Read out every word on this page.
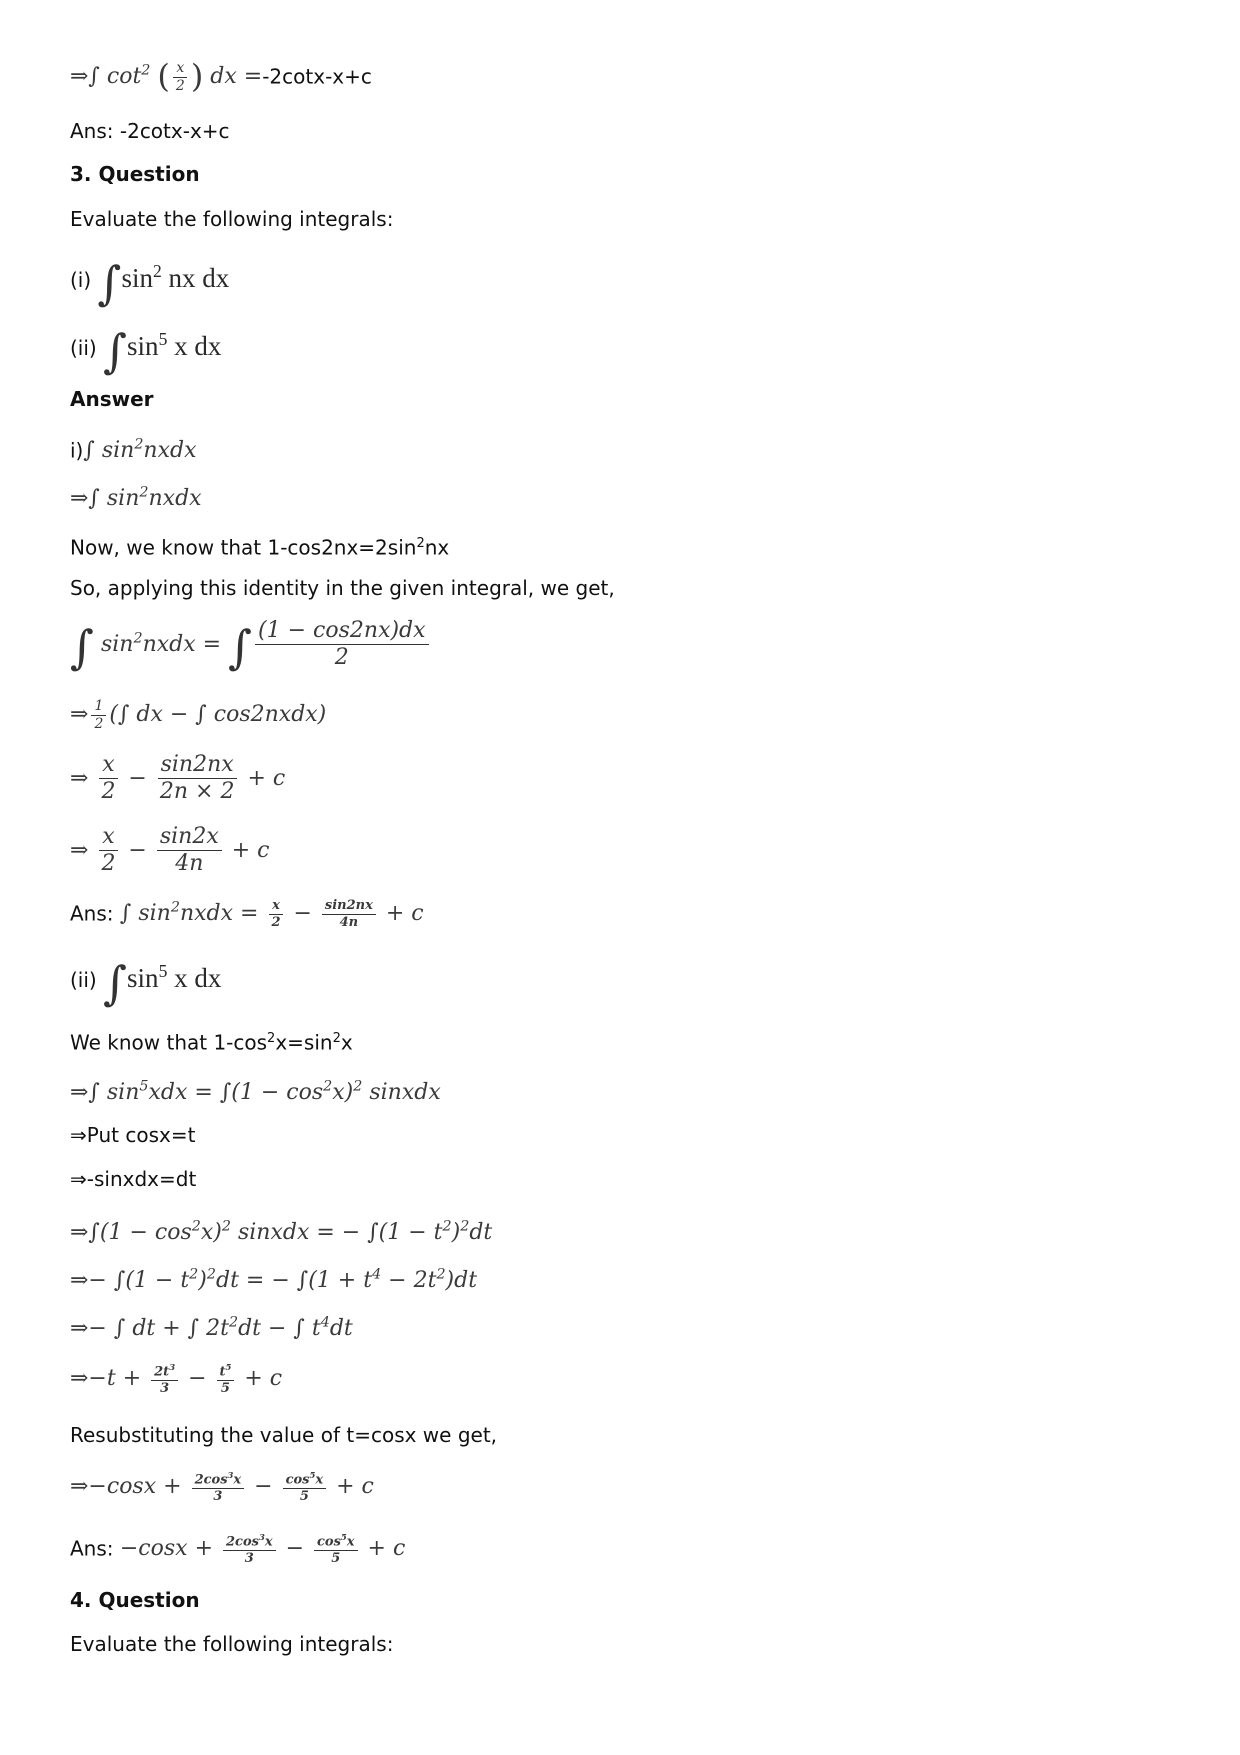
⇒∫ $\cot^2$ ( $\frac{x}{2}$ ) dx =-2cotx-x+c
Ans: -2cotx-x+c
3. Question
Evaluate the following integrals:
(i) $\int\sin^2$ nx dx
(ii) $\int\sin^5$ x dx
Answer
i)∫ $\sin^2nxdx$
⇒∫ $\sin^2nxdx$
Now, we know that $1-\cos 2nx=2\sin^2nx$
So, applying this identity in the given integral, we get,
∫ $\sin^2nxdx$ = ∫ $\frac{(1 - \cos 2nx)dx}{2}$
⇒ $\frac{1}{2}$ (∫ dx − ∫ cos2nxdx)
⇒ $\frac{x}{2} - \frac{\sin 2nx}{2n \times 2} + c$
⇒ $\frac{x}{2} - \frac{\sin 2x}{4n} + c$
Ans: ∫ $\sin^2nxdx = \frac{x}{2} - \frac{\sin 2nx}{4n} + c$
(ii) $\int\sin^5$ x dx
We know that $1-\cos^2x=\sin^2x$
⇒∫ $\sin^5xdx = \int(1 - \cos^2x)^2$ sinxdx
⇒Put cosx=t
⇒-sinxdx=dt
⇒∫(1 − $\cos^2x)^2$ sinxdx = − $\int(1 - t^2)^2dt$
⇒− $\int(1 - t^2)^2dt$ = − $\int(1 + t^4 - 2t^2)dt$
⇒− ∫ dt + ∫ $2t^2dt$ − ∫ $t^4dt$
⇒−t + $\frac{2t^3}{3} - \frac{t^5}{5} + c$
Resubstituting the value of t=cosx we get,
⇒−cosx + $\frac{2\cos^3x}{3} - \frac{\cos^5x}{5} + c$
Ans: $-\cos x + \frac{2\cos^3x}{3} - \frac{\cos^5x}{5} + c$
4. Question
Evaluate the following integrals:
